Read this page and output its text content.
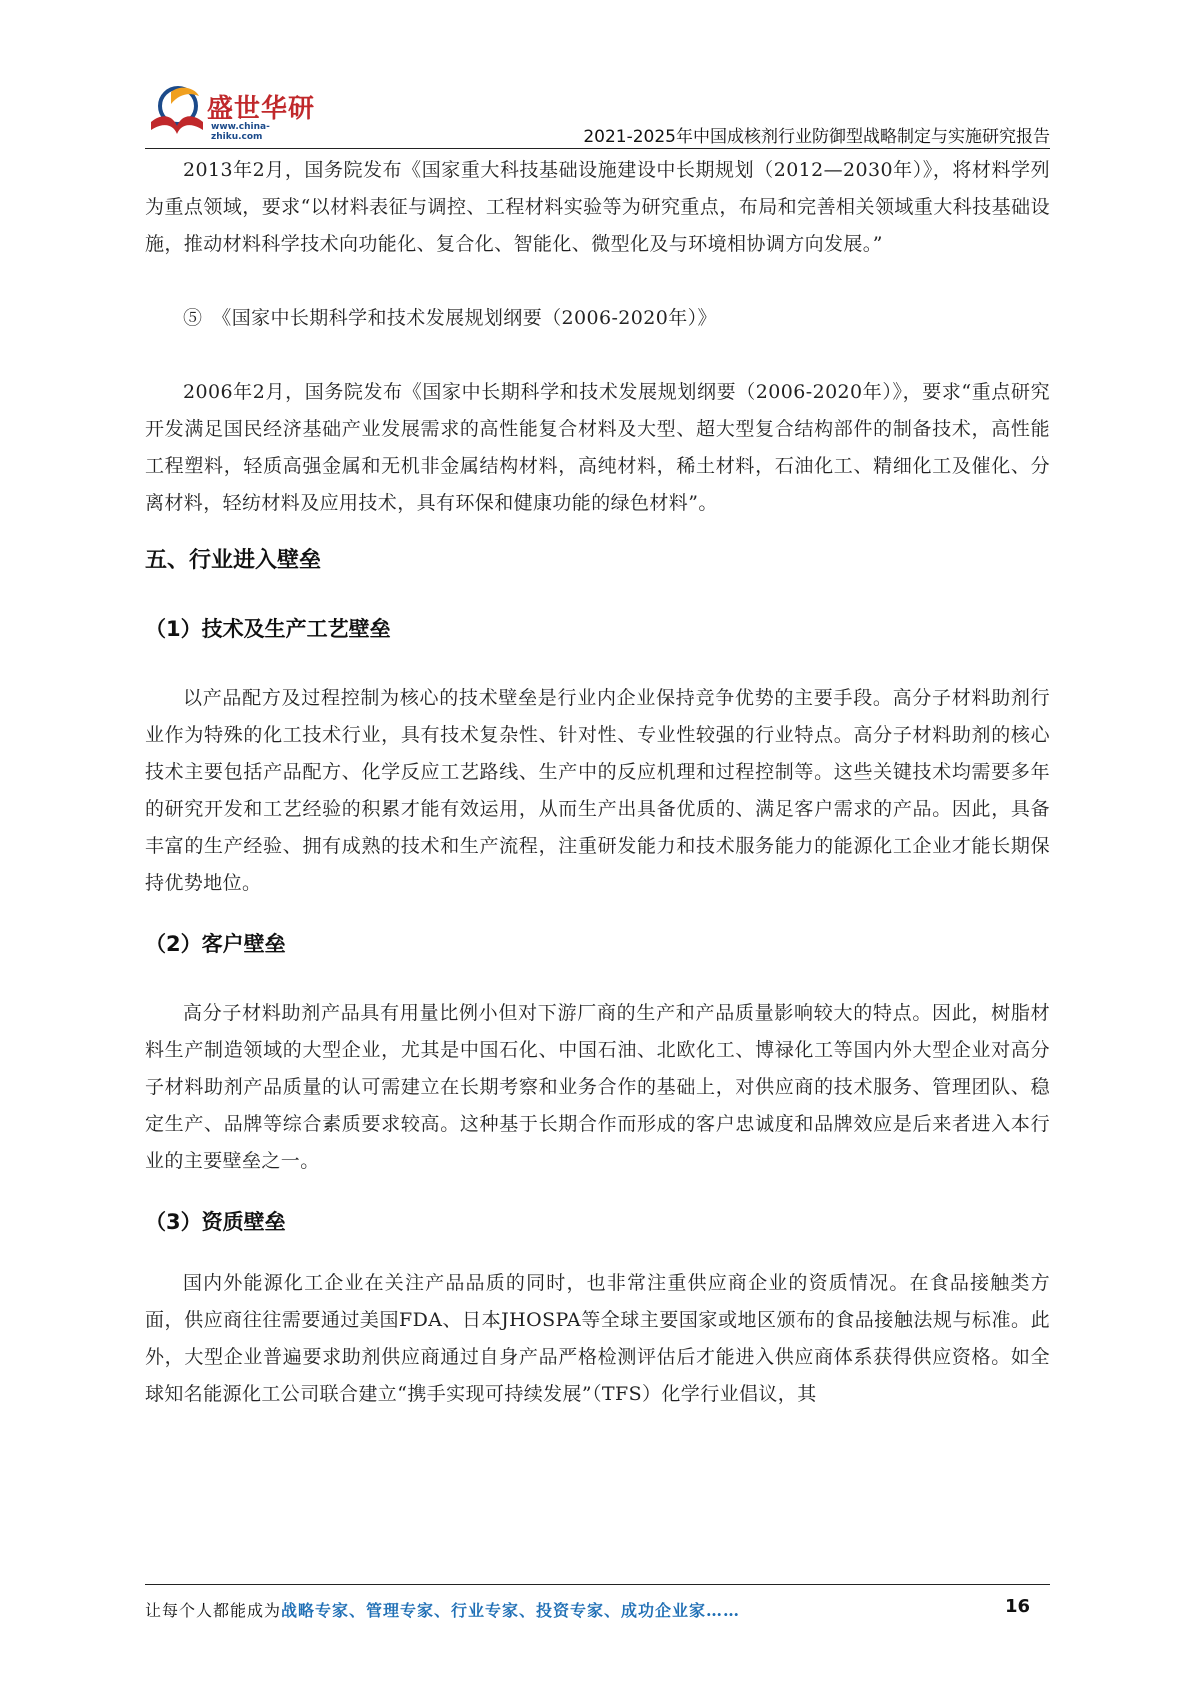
盛世华研
www.china-zhiku.com	2021-2025年中国成核剂行业防御型战略制定与实施研究报告

2013年2月，国务院发布《国家重大科技基础设施建设中长期规划（2012—2030年）》，将材料学列为重点领域，要求“以材料表征与调控、工程材料实验等为研究重点，布局和完善相关领域重大科技基础设施，推动材料科学技术向功能化、复合化、智能化、微型化及与环境相协调方向发展。”

⑤　《国家中长期科学和技术发展规划纲要（2006-2020年）》

2006年2月，国务院发布《国家中长期科学和技术发展规划纲要（2006-2020年）》，要求“重点研究开发满足国民经济基础产业发展需求的高性能复合材料及大型、超大型复合结构部件的制备技术，高性能工程塑料，轻质高强金属和无机非金属结构材料，高纯材料，稀土材料，石油化工、精细化工及催化、分离材料，轻纺材料及应用技术，具有环保和健康功能的绿色材料”。

五、行业进入壁垒
（1）技术及生产工艺壁垒

以产品配方及过程控制为核心的技术壁垒是行业内企业保持竞争优势的主要手段。高分子材料助剂行业作为特殊的化工技术行业，具有技术复杂性、针对性、专业性较强的行业特点。高分子材料助剂的核心技术主要包括产品配方、化学反应工艺路线、生产中的反应机理和过程控制等。这些关键技术均需要多年的研究开发和工艺经验的积累才能有效运用，从而生产出具备优质的、满足客户需求的产品。因此，具备丰富的生产经验、拥有成熟的技术和生产流程，注重研发能力和技术服务能力的能源化工企业才能长期保持优势地位。

（2）客户壁垒

高分子材料助剂产品具有用量比例小但对下游厂商的生产和产品质量影响较大的特点。因此，树脂材料生产制造领域的大型企业，尤其是中国石化、中国石油、北欧化工、博禄化工等国内外大型企业对高分子材料助剂产品质量的认可需建立在长期考察和业务合作的基础上，对供应商的技术服务、管理团队、稳定生产、品牌等综合素质要求较高。这种基于长期合作而形成的客户忠诚度和品牌效应是后来者进入本行业的主要壁垒之一。

（3）资质壁垒

国内外能源化工企业在关注产品品质的同时，也非常注重供应商企业的资质情况。在食品接触类方面，供应商往往需要通过美国FDA、日本JHOSPA等全球主要国家或地区颁布的食品接触法规与标准。此外，大型企业普遍要求助剂供应商通过自身产品严格检测评估后才能进入供应商体系获得供应资格。如全球知名能源化工公司联合建立“携手实现可持续发展”（TFS）化学行业倡议，其

让每个人都能成为战略专家、管理专家、行业专家、投资专家、成功企业家……	16
